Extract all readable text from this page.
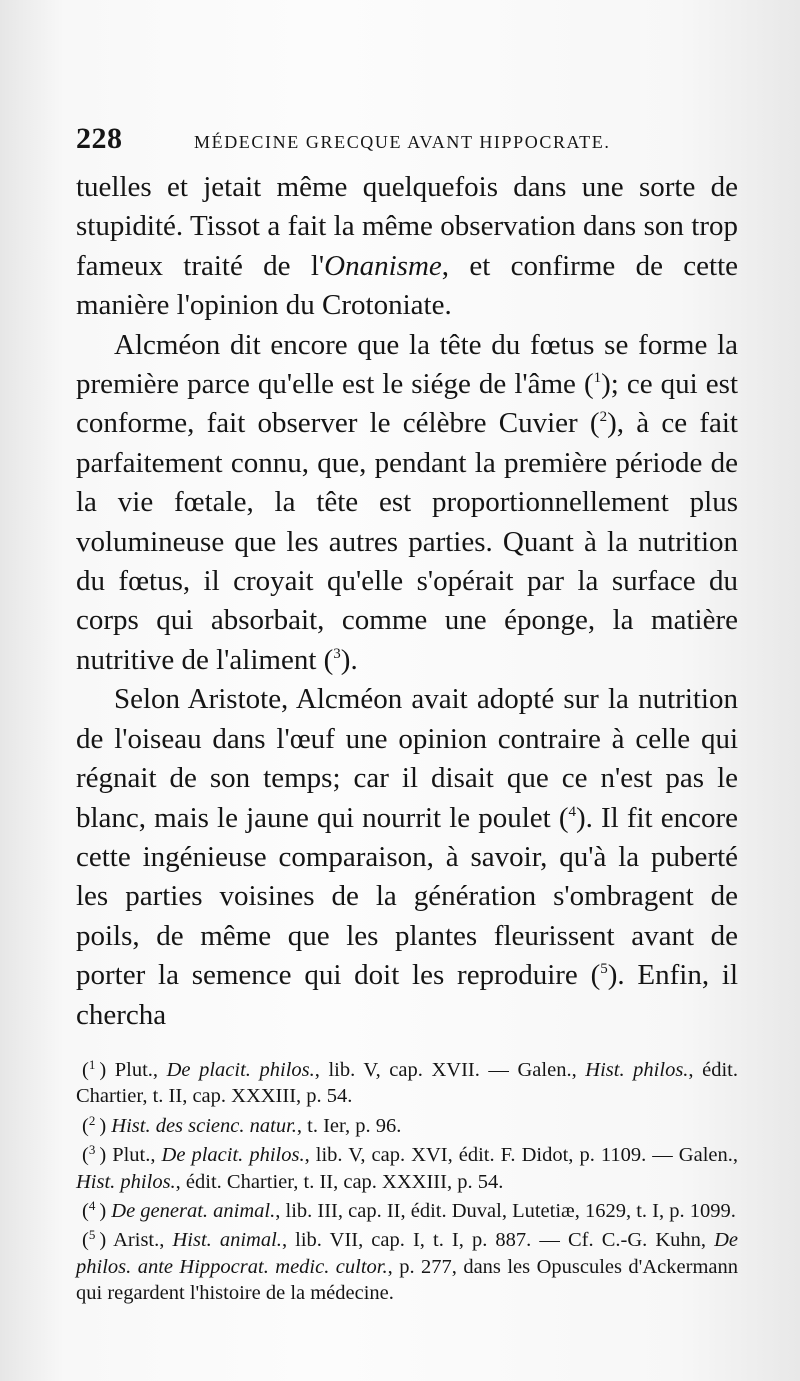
228	MÉDECINE GRECQUE AVANT HIPPOCRATE.

tuelles et jetait même quelquefois dans une sorte de stupidité. Tissot a fait la même observation dans son trop fameux traité de l'Onanisme, et confirme de cette manière l'opinion du Crotoniate.

Alcméon dit encore que la tête du fœtus se forme la première parce qu'elle est le siége de l'âme ($^1$); ce qui est conforme, fait observer le célèbre Cuvier ($^2$), à ce fait parfaitement connu, que, pendant la première période de la vie fœtale, la tête est proportionnellement plus volumineuse que les autres parties. Quant à la nutrition du fœtus, il croyait qu'elle s'opérait par la surface du corps qui absorbait, comme une éponge, la matière nutritive de l'aliment ($^3$).

Selon Aristote, Alcméon avait adopté sur la nutrition de l'oiseau dans l'œuf une opinion contraire à celle qui régnait de son temps; car il disait que ce n'est pas le blanc, mais le jaune qui nourrit le poulet ($^4$). Il fit encore cette ingénieuse comparaison, à savoir, qu'à la puberté les parties voisines de la génération s'ombragent de poils, de même que les plantes fleurissent avant de porter la semence qui doit les reproduire ($^5$). Enfin, il chercha

($^1$ ) Plut., De placit. philos., lib. V, cap. XVII. — Galen., Hist. philos., édit. Chartier, t. II, cap. XXXIII, p. 54.

($^2$ ) Hist. des scienc. natur., t. Ier, p. 96.

($^3$ ) Plut., De placit. philos., lib. V, cap. XVI, édit. F. Didot, p. 1109. — Galen., Hist. philos., édit. Chartier, t. II, cap. XXXIII, p. 54.

($^4$ ) De generat. animal., lib. III, cap. II, édit. Duval, Lutetiæ, 1629, t. I, p. 1099.

($^5$ ) Arist., Hist. animal., lib. VII, cap. I, t. I, p. 887. — Cf. C.-G. Kuhn, De philos. ante Hippocrat. medic. cultor., p. 277, dans les Opuscules d'Ackermann qui regardent l'histoire de la médecine.
